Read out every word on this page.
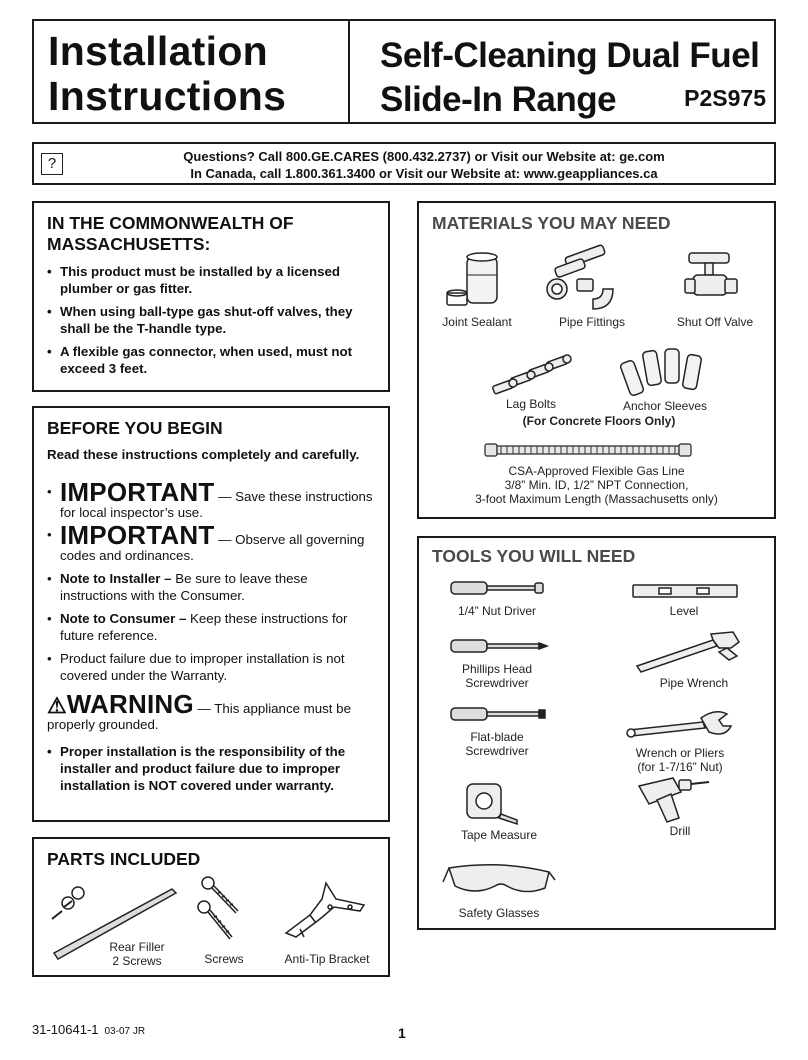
Installation
Instructions
Self-Cleaning Dual Fuel
Slide-In Range	P2S975
?	Questions? Call 800.GE.CARES (800.432.2737) or Visit our Website at: ge.com
In Canada, call 1.800.361.3400 or Visit our Website at: www.geappliances.ca
IN THE COMMONWEALTH OF
MASSACHUSETTS:
• This product must be installed by a licensed plumber or gas fitter.
• When using ball-type gas shut-off valves, they shall be the T-handle type.
• A flexible gas connector, when used, must not exceed 3 feet.
BEFORE YOU BEGIN
Read these instructions completely and carefully.
• IMPORTANT — Save these instructions for local inspector’s use.
• IMPORTANT — Observe all governing codes and ordinances.
• Note to Installer – Be sure to leave these instructions with the Consumer.
• Note to Consumer – Keep these instructions for future reference.
• Product failure due to improper installation is not covered under the Warranty.
⚠WARNING — This appliance must be properly grounded.
• Proper installation is the responsibility of the installer and product failure due to improper installation is NOT covered under warranty.
PARTS INCLUDED
Rear Filler
2 Screws	Screws	Anti-Tip Bracket
MATERIALS YOU MAY NEED
Joint Sealant	Pipe Fittings	Shut Off Valve
Lag Bolts	Anchor Sleeves
(For Concrete Floors Only)
CSA-Approved Flexible Gas Line
3/8” Min. ID, 1/2” NPT Connection,
3-foot Maximum Length (Massachusetts only)
TOOLS YOU WILL NEED
1/4” Nut Driver	Level
Phillips Head
Screwdriver	Pipe Wrench
Flat-blade
Screwdriver	Wrench or Pliers
(for 1-7/16” Nut)
Tape Measure	Drill
Safety Glasses
31-10641-1 03-07 JR	1
